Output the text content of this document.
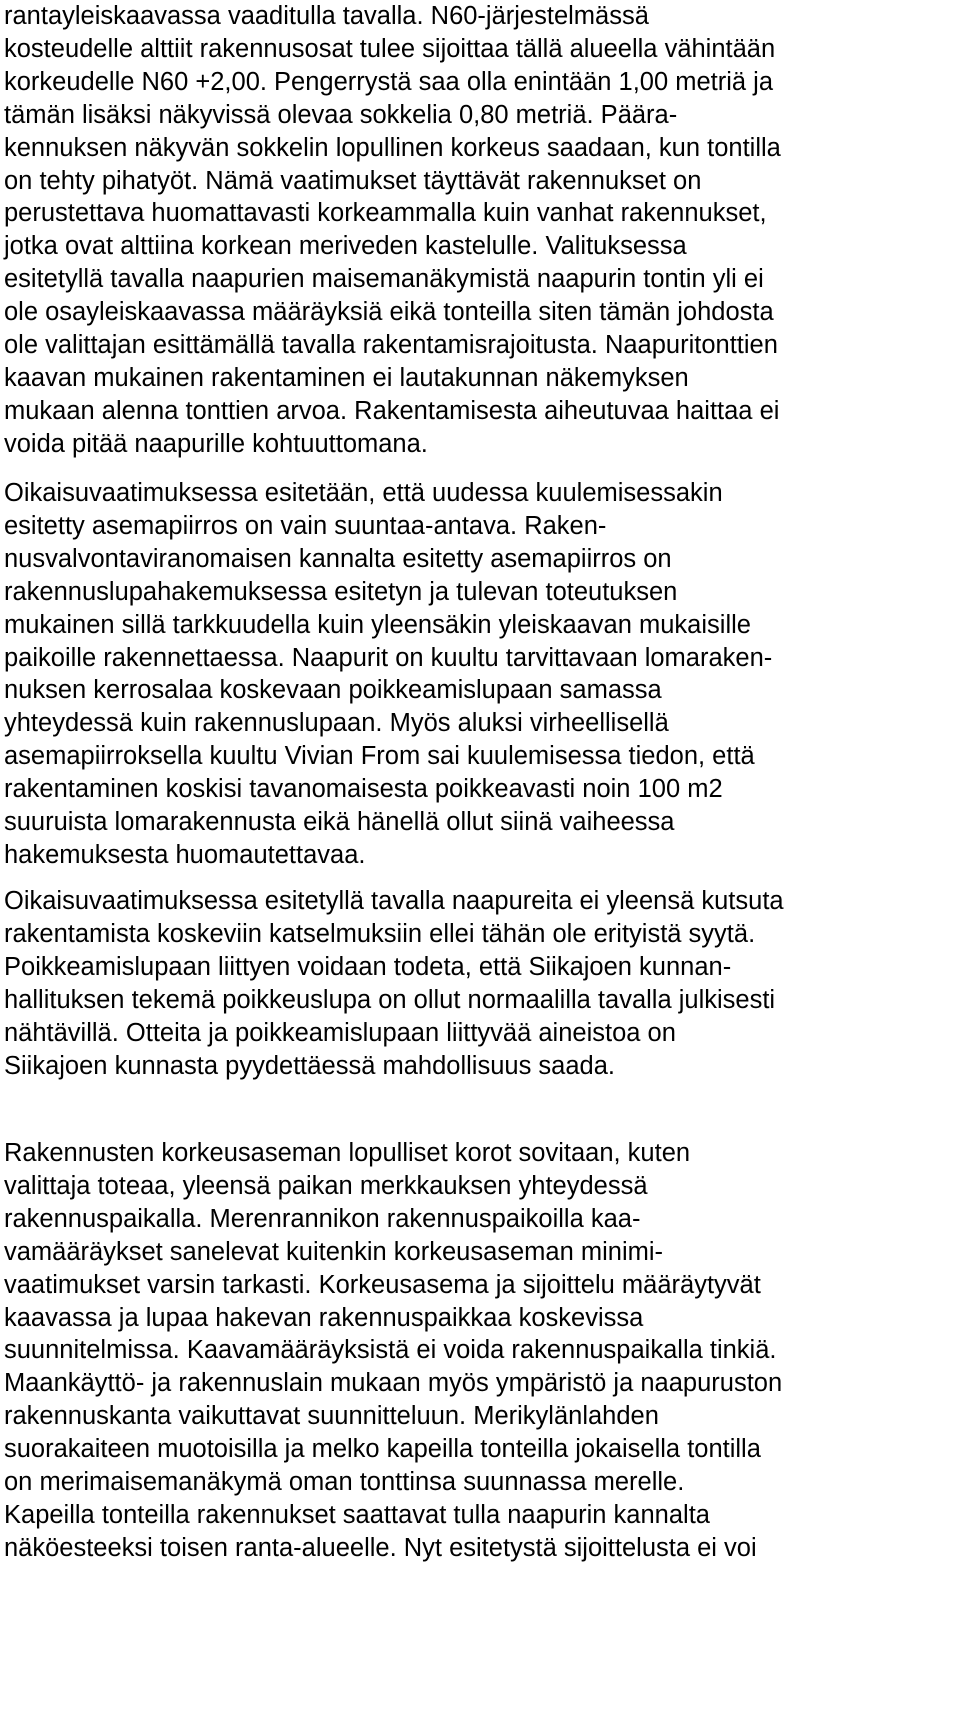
rantayleiskaavassa vaaditulla tavalla. N60-järjestelmässä

kosteudelle alttiit rakennusosat tulee sijoittaa tällä alueella vähintään

korkeudelle N60 +2,00. Pengerrystä saa olla enintään 1,00 metriä ja

tämän lisäksi näkyvissä olevaa sokkelia 0,80 metriä. Päära-

kennuksen näkyvän sokkelin lopullinen korkeus saadaan, kun tontilla

on tehty pihatyöt. Nämä vaatimukset täyttävät rakennukset on

perustettava huomattavasti korkeammalla kuin vanhat rakennukset,

jotka ovat alttiina korkean meriveden kastelulle. Valituksessa

esitetyllä tavalla naapurien maisemanäkymistä naapurin tontin yli ei

ole osayleiskaavassa määräyksiä eikä tonteilla siten tämän johdosta

ole valittajan esittämällä tavalla rakentamisrajoitusta. Naapuritonttien

kaavan mukainen rakentaminen ei lautakunnan näkemyksen

mukaan alenna tonttien arvoa. Rakentamisesta aiheutuvaa haittaa ei

voida pitää naapurille kohtuuttomana.

Oikaisuvaatimuksessa esitetään, että uudessa kuulemisessakin

esitetty asemapiirros on vain suuntaa-antava. Raken-

nusvalvontaviranomaisen kannalta esitetty asemapiirros on

rakennuslupahakemuksessa esitetyn ja tulevan toteutuksen

mukainen sillä tarkkuudella kuin yleensäkin yleiskaavan mukaisille

paikoille rakennettaessa. Naapurit on kuultu tarvittavaan lomaraken-

nuksen kerrosalaa koskevaan poikkeamislupaan samassa

yhteydessä kuin rakennuslupaan. Myös aluksi virheellisellä

asemapiirroksella kuultu Vivian From sai kuulemisessa tiedon, että

rakentaminen koskisi tavanomaisesta poikkeavasti noin 100 m2

suuruista lomarakennusta eikä hänellä ollut siinä vaiheessa

hakemuksesta huomautettavaa.

Oikaisuvaatimuksessa esitetyllä tavalla naapureita ei yleensä kutsuta

rakentamista koskeviin katselmuksiin ellei tähän ole erityistä syytä.

Poikkeamislupaan liittyen voidaan todeta, että Siikajoen kunnan-

hallituksen tekemä poikkeuslupa on ollut normaalilla tavalla julkisesti

nähtävillä. Otteita ja poikkeamislupaan liittyvää aineistoa on

Siikajoen kunnasta pyydettäessä mahdollisuus saada.

Rakennusten korkeusaseman lopulliset korot sovitaan, kuten

valittaja toteaa, yleensä paikan merkkauksen yhteydessä

rakennuspaikalla. Merenrannikon rakennuspaikoilla kaa-

vamääräykset sanelevat kuitenkin korkeusaseman minimi-

vaatimukset varsin tarkasti. Korkeusasema ja sijoittelu määräytyvät

kaavassa ja lupaa hakevan rakennuspaikkaa koskevissa

suunnitelmissa. Kaavamääräyksistä ei voida rakennuspaikalla tinkiä.

Maankäyttö- ja rakennuslain mukaan myös ympäristö ja naapuruston

rakennuskanta vaikuttavat suunnitteluun. Merikylänlahden

suorakaiteen muotoisilla ja melko kapeilla tonteilla jokaisella tontilla

on merimaisemanäkymä oman tonttinsa suunnassa merelle.

Kapeilla tonteilla rakennukset saattavat tulla naapurin kannalta

näköesteeksi toisen ranta-alueelle. Nyt esitetystä sijoittelusta ei voi
